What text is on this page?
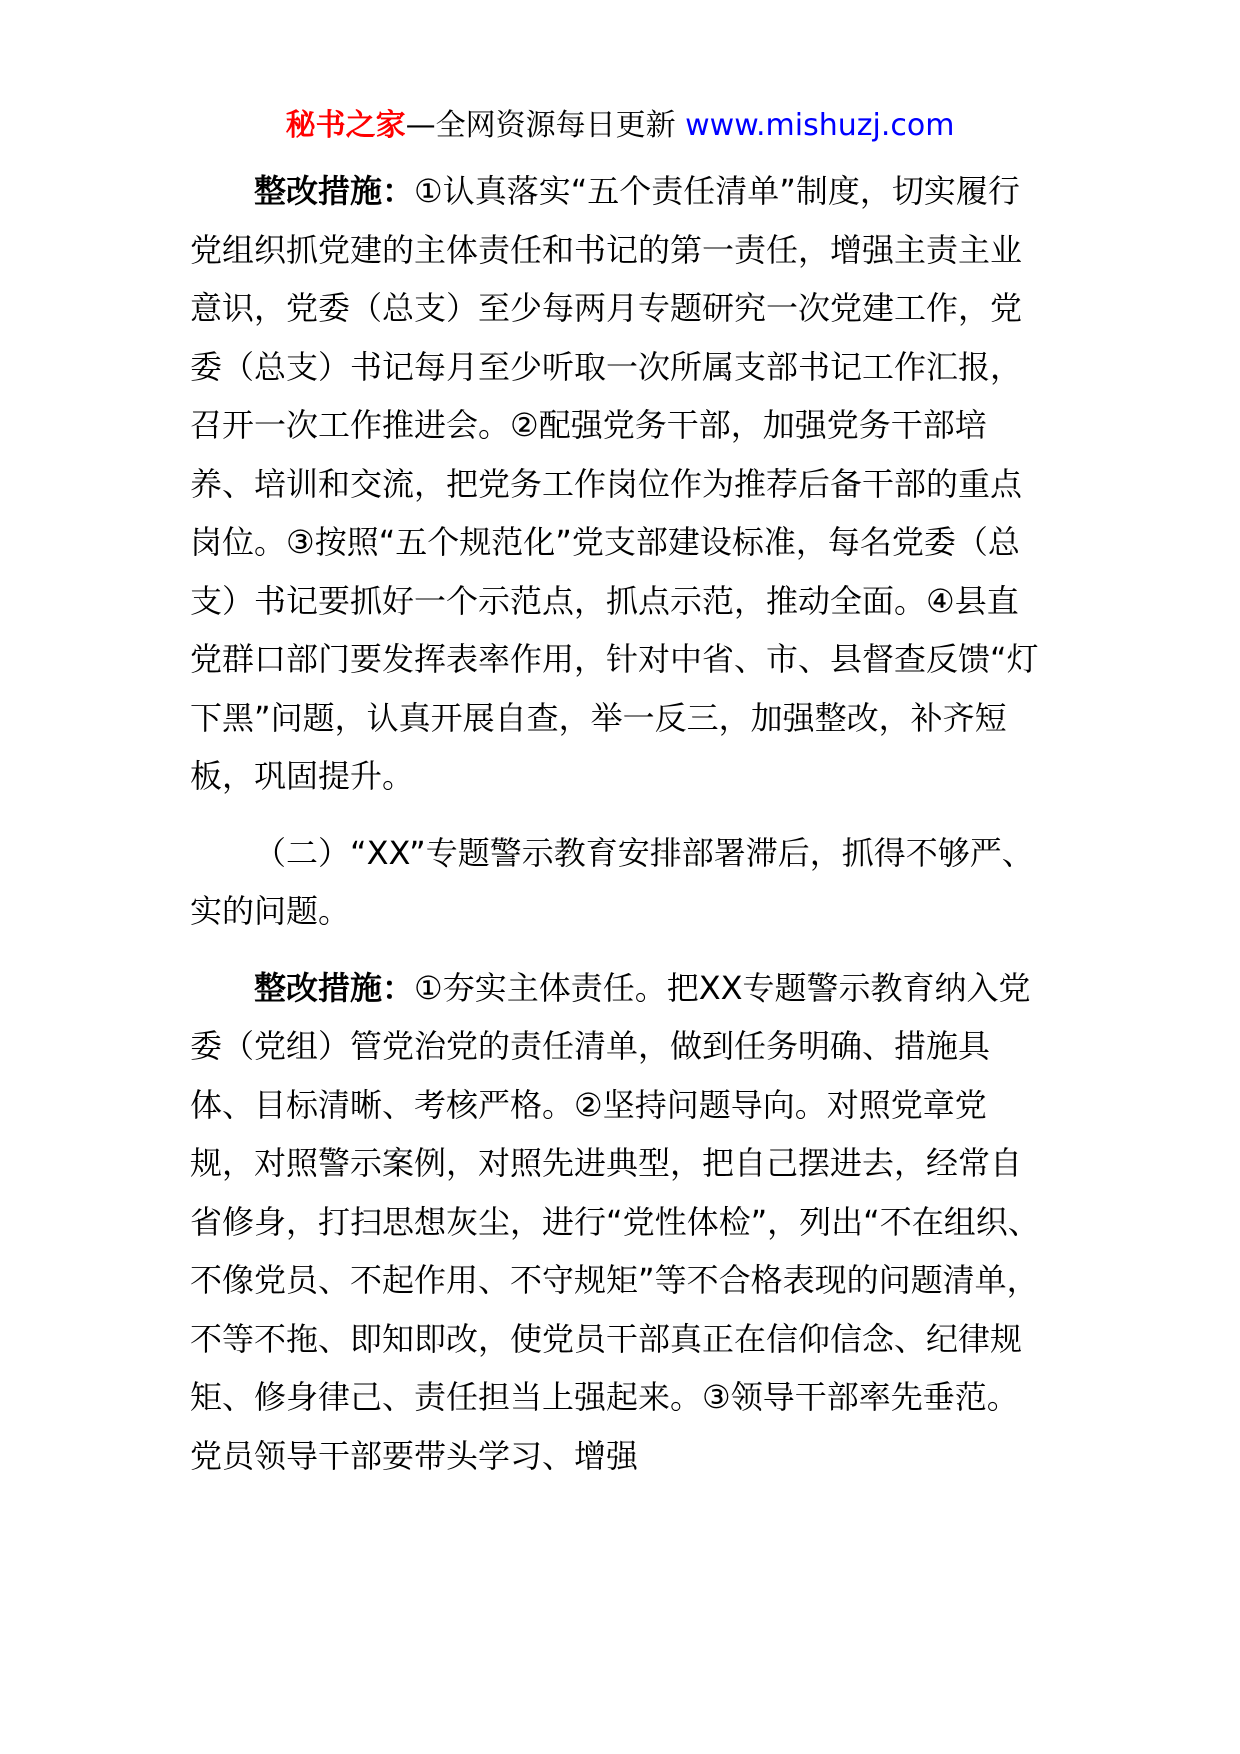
秘书之家—全网资源每日更新 www.mishuzj.com

整改措施：①认真落实“五个责任清单”制度，切实履行党组织抓党建的主体责任和书记的第一责任，增强主责主业意识，党委（总支）至少每两月专题研究一次党建工作，党委（总支）书记每月至少听取一次所属支部书记工作汇报，召开一次工作推进会。②配强党务干部，加强党务干部培养、培训和交流，把党务工作岗位作为推荐后备干部的重点岗位。③按照“五个规范化”党支部建设标准，每名党委（总支）书记要抓好一个示范点，抓点示范，推动全面。④县直党群口部门要发挥表率作用，针对中省、市、县督查反馈“灯下黑”问题，认真开展自查，举一反三，加强整改，补齐短板，巩固提升。

（二）“XX”专题警示教育安排部署滞后，抓得不够严、实的问题。

整改措施：①夯实主体责任。把XX专题警示教育纳入党委（党组）管党治党的责任清单，做到任务明确、措施具体、目标清晰、考核严格。②坚持问题导向。对照党章党规，对照警示案例，对照先进典型，把自己摆进去，经常自省修身，打扫思想灰尘，进行“党性体检”，列出“不在组织、不像党员、不起作用、不守规矩”等不合格表现的问题清单，不等不拖、即知即改，使党员干部真正在信仰信念、纪律规矩、修身律己、责任担当上强起来。③领导干部率先垂范。党员领导干部要带头学习、增强
